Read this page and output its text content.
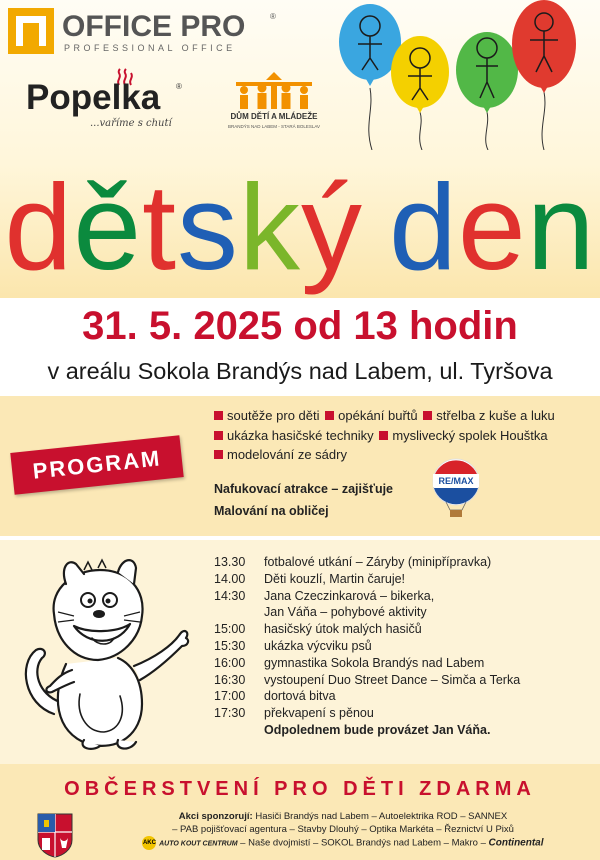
OFFICE PRO	®
PROFESSIONAL OFFICE
Popelka ®
...vaříme s chutí
DŮM DĚTÍ A MLÁDEŽE
BRANDÝS NAD LABEM - STARÁ BOLESLAV
dětský den
31. 5. 2025 od 13 hodin
v areálu Sokola Brandýs nad Labem, ul. Tyršova
PROGRAM
soutěže pro děti opékání buřtů střelba z kuše a luku
ukázka hasičské techniky myslivecký spolek Houštka
modelování ze sádry
Nafukovací atrakce – zajišťuje
Malování na obličej
RE/MAX
13.30	fotbalové utkání – Záryby (minipřípravka)
14.00	Děti kouzlí, Martin čaruje!
14:30	Jana Czeczinkarová – bikerka,
Jan Váňa – pohybové aktivity
15:00	hasičský útok malých hasičů
15:30	ukázka výcviku psů
16:00	gymnastika Sokola Brandýs nad Labem
16:30	vystoupení Duo Street Dance – Simča a Terka
17:00	dortová bitva
17:30	překvapení s pěnou
Odpolednem bude provázet Jan Váňa.
OBČERSTVENÍ PRO DĚTI ZDARMA
Akci sponzorují: Hasiči Brandýs nad Labem – Autoelektrika ROD – SANNEX
– PAB pojišťovací agentura – Stavby Dlouhý – Optika Markéta – Řeznictví U Pixů
AKC AUTO KOUT CENTRUM – Naše dvojmistí – SOKOL Brandýs nad Labem – Makro – Continental
